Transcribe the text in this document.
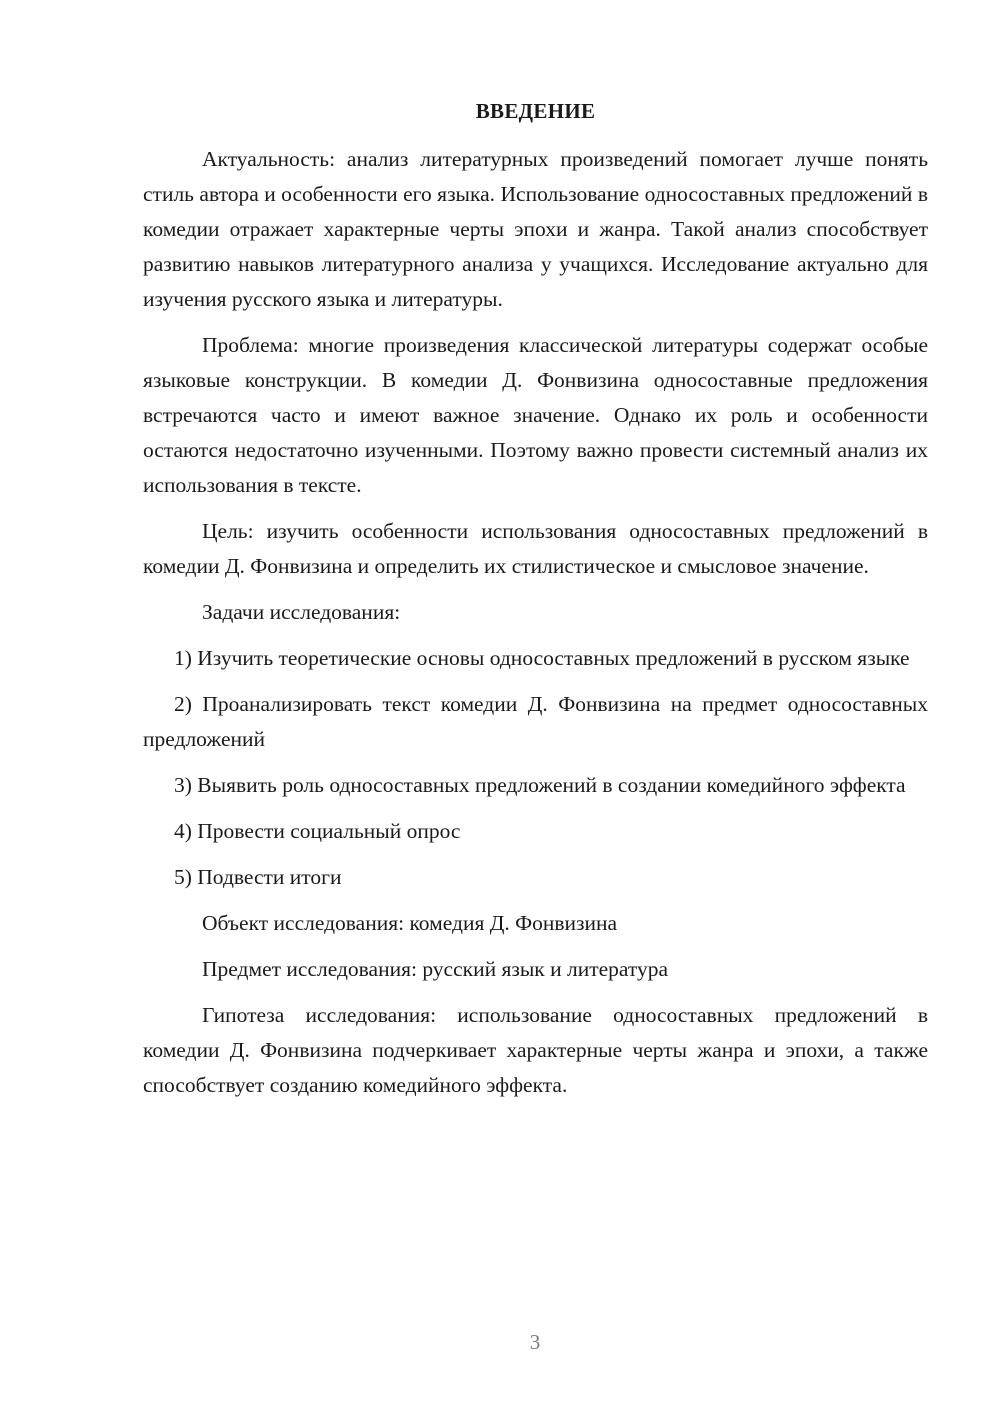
ВВЕДЕНИЕ

Актуальность: анализ литературных произведений помогает лучше понять стиль автора и особенности его языка. Использование односоставных предложений в комедии отражает характерные черты эпохи и жанра. Такой анализ способствует развитию навыков литературного анализа у учащихся. Исследование актуально для изучения русского языка и литературы.

Проблема: многие произведения классической литературы содержат особые языковые конструкции. В комедии Д. Фонвизина односоставные предложения встречаются часто и имеют важное значение. Однако их роль и особенности остаются недостаточно изученными. Поэтому важно провести системный анализ их использования в тексте.

Цель: изучить особенности использования односоставных предложений в комедии Д. Фонвизина и определить их стилистическое и смысловое значение.

Задачи исследования:

1) Изучить теоретические основы односоставных предложений в русском языке

2) Проанализировать текст комедии Д. Фонвизина на предмет односоставных предложений

3) Выявить роль односоставных предложений в создании комедийного эффекта

4) Провести социальный опрос

5) Подвести итоги

Объект исследования: комедия Д. Фонвизина

Предмет исследования: русский язык и литература

Гипотеза исследования: использование односоставных предложений в комедии Д. Фонвизина подчеркивает характерные черты жанра и эпохи, а также способствует созданию комедийного эффекта.

3
